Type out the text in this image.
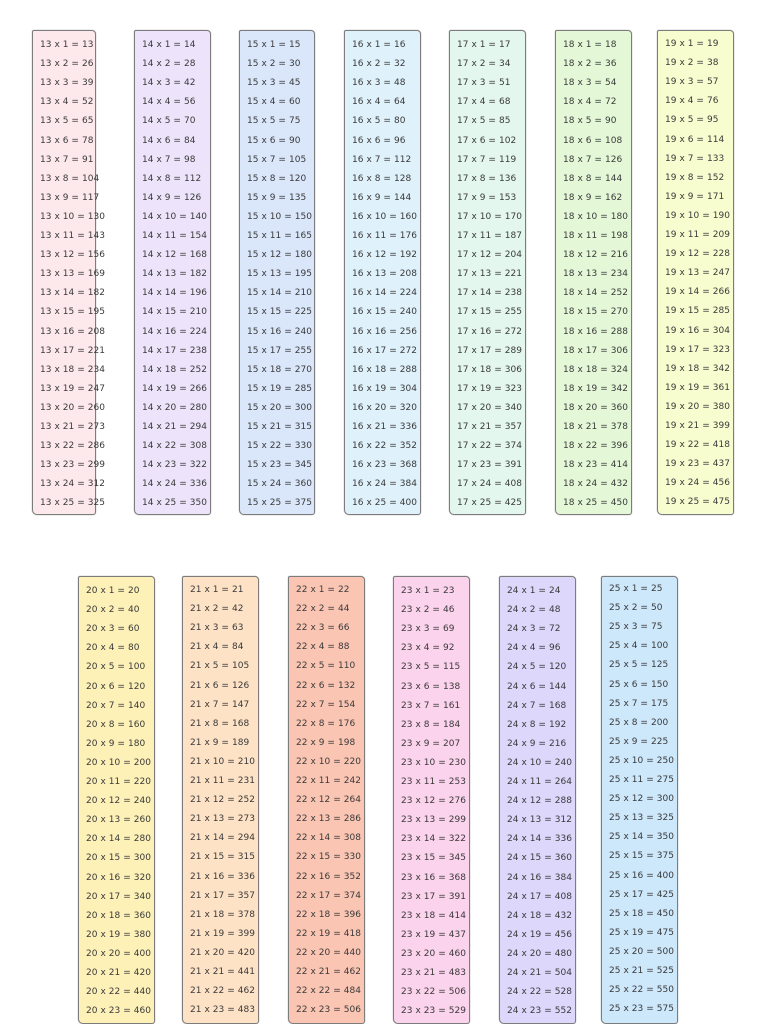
13 x 1 = 13
13 x 2 = 26
13 x 3 = 39
13 x 4 = 52
13 x 5 = 65
13 x 6 = 78
13 x 7 = 91
13 x 8 = 104
13 x 9 = 117
13 x 10 = 130
13 x 11 = 143
13 x 12 = 156
13 x 13 = 169
13 x 14 = 182
13 x 15 = 195
13 x 16 = 208
13 x 17 = 221
13 x 18 = 234
13 x 19 = 247
13 x 20 = 260
13 x 21 = 273
13 x 22 = 286
13 x 23 = 299
13 x 24 = 312
13 x 25 = 325
14 x 1 = 14
14 x 2 = 28
14 x 3 = 42
14 x 4 = 56
14 x 5 = 70
14 x 6 = 84
14 x 7 = 98
14 x 8 = 112
14 x 9 = 126
14 x 10 = 140
14 x 11 = 154
14 x 12 = 168
14 x 13 = 182
14 x 14 = 196
14 x 15 = 210
14 x 16 = 224
14 x 17 = 238
14 x 18 = 252
14 x 19 = 266
14 x 20 = 280
14 x 21 = 294
14 x 22 = 308
14 x 23 = 322
14 x 24 = 336
14 x 25 = 350
15 x 1 = 15
15 x 2 = 30
15 x 3 = 45
15 x 4 = 60
15 x 5 = 75
15 x 6 = 90
15 x 7 = 105
15 x 8 = 120
15 x 9 = 135
15 x 10 = 150
15 x 11 = 165
15 x 12 = 180
15 x 13 = 195
15 x 14 = 210
15 x 15 = 225
15 x 16 = 240
15 x 17 = 255
15 x 18 = 270
15 x 19 = 285
15 x 20 = 300
15 x 21 = 315
15 x 22 = 330
15 x 23 = 345
15 x 24 = 360
15 x 25 = 375
16 x 1 = 16
16 x 2 = 32
16 x 3 = 48
16 x 4 = 64
16 x 5 = 80
16 x 6 = 96
16 x 7 = 112
16 x 8 = 128
16 x 9 = 144
16 x 10 = 160
16 x 11 = 176
16 x 12 = 192
16 x 13 = 208
16 x 14 = 224
16 x 15 = 240
16 x 16 = 256
16 x 17 = 272
16 x 18 = 288
16 x 19 = 304
16 x 20 = 320
16 x 21 = 336
16 x 22 = 352
16 x 23 = 368
16 x 24 = 384
16 x 25 = 400
17 x 1 = 17
17 x 2 = 34
17 x 3 = 51
17 x 4 = 68
17 x 5 = 85
17 x 6 = 102
17 x 7 = 119
17 x 8 = 136
17 x 9 = 153
17 x 10 = 170
17 x 11 = 187
17 x 12 = 204
17 x 13 = 221
17 x 14 = 238
17 x 15 = 255
17 x 16 = 272
17 x 17 = 289
17 x 18 = 306
17 x 19 = 323
17 x 20 = 340
17 x 21 = 357
17 x 22 = 374
17 x 23 = 391
17 x 24 = 408
17 x 25 = 425
18 x 1 = 18
18 x 2 = 36
18 x 3 = 54
18 x 4 = 72
18 x 5 = 90
18 x 6 = 108
18 x 7 = 126
18 x 8 = 144
18 x 9 = 162
18 x 10 = 180
18 x 11 = 198
18 x 12 = 216
18 x 13 = 234
18 x 14 = 252
18 x 15 = 270
18 x 16 = 288
18 x 17 = 306
18 x 18 = 324
18 x 19 = 342
18 x 20 = 360
18 x 21 = 378
18 x 22 = 396
18 x 23 = 414
18 x 24 = 432
18 x 25 = 450
19 x 1 = 19
19 x 2 = 38
19 x 3 = 57
19 x 4 = 76
19 x 5 = 95
19 x 6 = 114
19 x 7 = 133
19 x 8 = 152
19 x 9 = 171
19 x 10 = 190
19 x 11 = 209
19 x 12 = 228
19 x 13 = 247
19 x 14 = 266
19 x 15 = 285
19 x 16 = 304
19 x 17 = 323
19 x 18 = 342
19 x 19 = 361
19 x 20 = 380
19 x 21 = 399
19 x 22 = 418
19 x 23 = 437
19 x 24 = 456
19 x 25 = 475
20 x 1 = 20
20 x 2 = 40
20 x 3 = 60
20 x 4 = 80
20 x 5 = 100
20 x 6 = 120
20 x 7 = 140
20 x 8 = 160
20 x 9 = 180
20 x 10 = 200
20 x 11 = 220
20 x 12 = 240
20 x 13 = 260
20 x 14 = 280
20 x 15 = 300
20 x 16 = 320
20 x 17 = 340
20 x 18 = 360
20 x 19 = 380
20 x 20 = 400
20 x 21 = 420
20 x 22 = 440
20 x 23 = 460
21 x 1 = 21
21 x 2 = 42
21 x 3 = 63
21 x 4 = 84
21 x 5 = 105
21 x 6 = 126
21 x 7 = 147
21 x 8 = 168
21 x 9 = 189
21 x 10 = 210
21 x 11 = 231
21 x 12 = 252
21 x 13 = 273
21 x 14 = 294
21 x 15 = 315
21 x 16 = 336
21 x 17 = 357
21 x 18 = 378
21 x 19 = 399
21 x 20 = 420
21 x 21 = 441
21 x 22 = 462
21 x 23 = 483
22 x 1 = 22
22 x 2 = 44
22 x 3 = 66
22 x 4 = 88
22 x 5 = 110
22 x 6 = 132
22 x 7 = 154
22 x 8 = 176
22 x 9 = 198
22 x 10 = 220
22 x 11 = 242
22 x 12 = 264
22 x 13 = 286
22 x 14 = 308
22 x 15 = 330
22 x 16 = 352
22 x 17 = 374
22 x 18 = 396
22 x 19 = 418
22 x 20 = 440
22 x 21 = 462
22 x 22 = 484
22 x 23 = 506
23 x 1 = 23
23 x 2 = 46
23 x 3 = 69
23 x 4 = 92
23 x 5 = 115
23 x 6 = 138
23 x 7 = 161
23 x 8 = 184
23 x 9 = 207
23 x 10 = 230
23 x 11 = 253
23 x 12 = 276
23 x 13 = 299
23 x 14 = 322
23 x 15 = 345
23 x 16 = 368
23 x 17 = 391
23 x 18 = 414
23 x 19 = 437
23 x 20 = 460
23 x 21 = 483
23 x 22 = 506
23 x 23 = 529
24 x 1 = 24
24 x 2 = 48
24 x 3 = 72
24 x 4 = 96
24 x 5 = 120
24 x 6 = 144
24 x 7 = 168
24 x 8 = 192
24 x 9 = 216
24 x 10 = 240
24 x 11 = 264
24 x 12 = 288
24 x 13 = 312
24 x 14 = 336
24 x 15 = 360
24 x 16 = 384
24 x 17 = 408
24 x 18 = 432
24 x 19 = 456
24 x 20 = 480
24 x 21 = 504
24 x 22 = 528
24 x 23 = 552
25 x 1 = 25
25 x 2 = 50
25 x 3 = 75
25 x 4 = 100
25 x 5 = 125
25 x 6 = 150
25 x 7 = 175
25 x 8 = 200
25 x 9 = 225
25 x 10 = 250
25 x 11 = 275
25 x 12 = 300
25 x 13 = 325
25 x 14 = 350
25 x 15 = 375
25 x 16 = 400
25 x 17 = 425
25 x 18 = 450
25 x 19 = 475
25 x 20 = 500
25 x 21 = 525
25 x 22 = 550
25 x 23 = 575
